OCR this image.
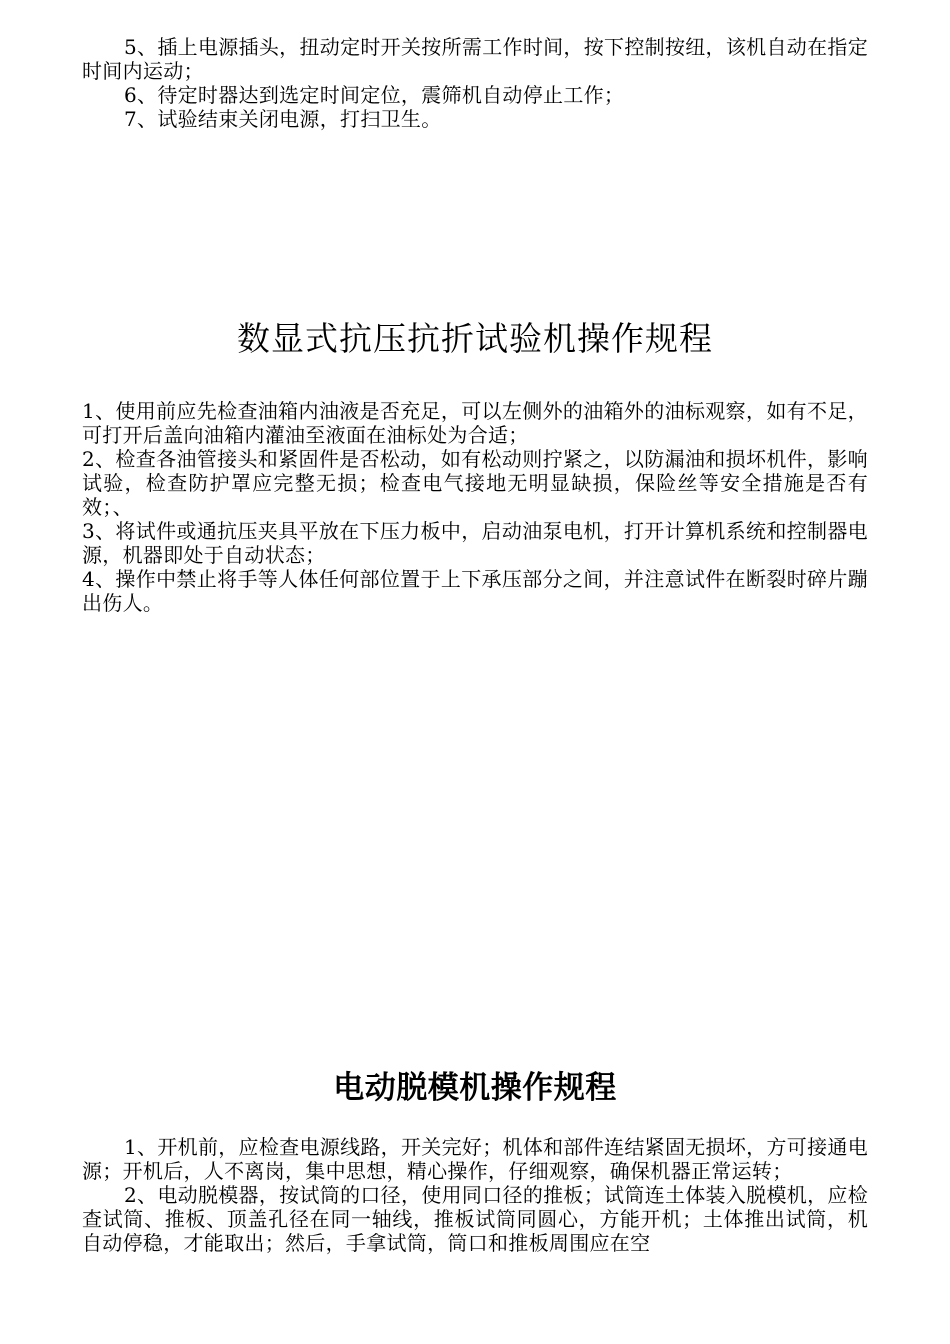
5、插上电源插头，扭动定时开关按所需工作时间，按下控制按纽，该机自动在指定时间内运动；

6、待定时器达到选定时间定位，震筛机自动停止工作；

7、试验结束关闭电源，打扫卫生。

数显式抗压抗折试验机操作规程

1、使用前应先检查油箱内油液是否充足，可以左侧外的油箱外的油标观察，如有不足，可打开后盖向油箱内灌油至液面在油标处为合适；

2、检查各油管接头和紧固件是否松动，如有松动则拧紧之，以防漏油和损坏机件，影响试验，检查防护罩应完整无损；检查电气接地无明显缺损，保险丝等安全措施是否有效；、

3、将试件或通抗压夹具平放在下压力板中，启动油泵电机，打开计算机系统和控制器电源，机器即处于自动状态；

4、操作中禁止将手等人体任何部位置于上下承压部分之间，并注意试件在断裂时碎片蹦出伤人。

电动脱模机操作规程

1、开机前，应检查电源线路，开关完好；机体和部件连结紧固无损坏，方可接通电源；开机后，人不离岗，集中思想，精心操作，仔细观察，确保机器正常运转；

2、电动脱模器，按试筒的口径，使用同口径的推板；试筒连土体装入脱模机，应检查试筒、推板、顶盖孔径在同一轴线，推板试筒同圆心，方能开机；土体推出试筒，机自动停稳，才能取出；然后，手拿试筒，筒口和推板周围应在空
